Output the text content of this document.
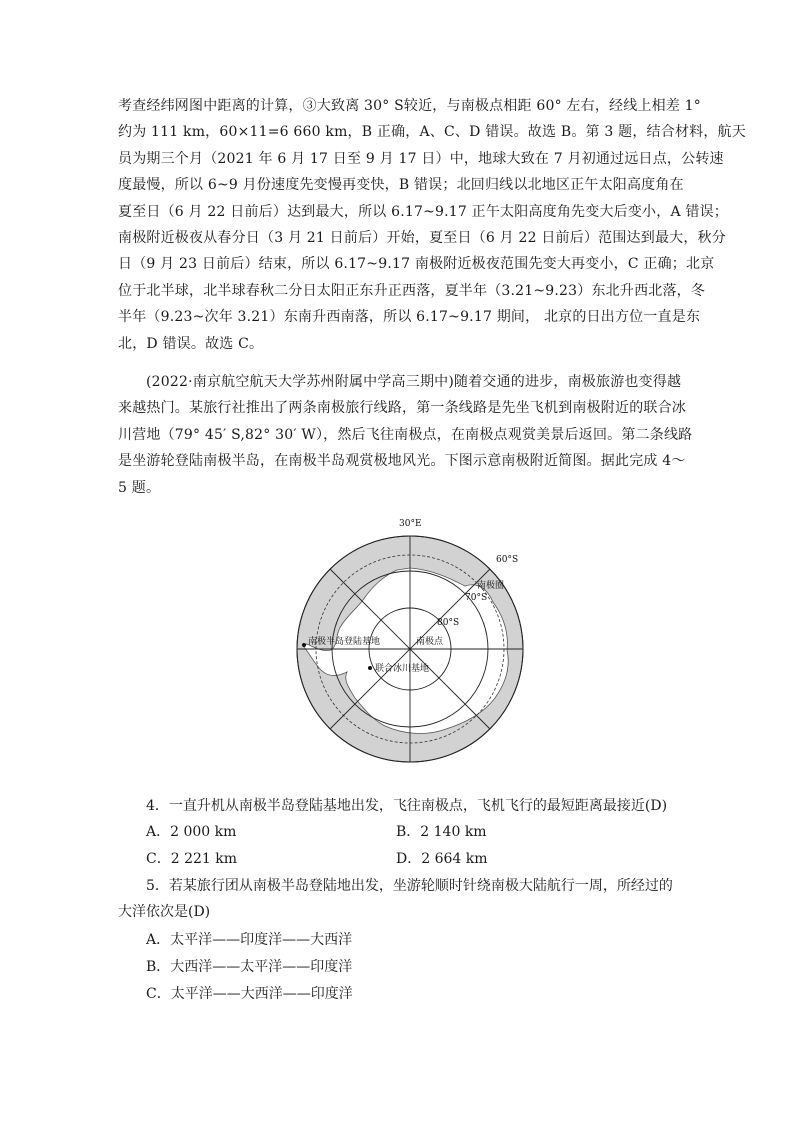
考查经纬网图中距离的计算，③大致离 30° S较近，与南极点相距 60° 左右，经线上相差 1°
约为 111 km，60×11=6 660 km，B 正确，A、C、D 错误。故选 B。第 3 题，结合材料，航天
员为期三个月（2021 年 6 月 17 日至 9 月 17 日）中，地球大致在 7 月初通过远日点，公转速
度最慢，所以 6~9 月份速度先变慢再变快，B 错误；北回归线以北地区正午太阳高度角在
夏至日（6 月 22 日前后）达到最大，所以 6.17~9.17 正午太阳高度角先变大后变小，A 错误；
南极附近极夜从春分日（3 月 21 日前后）开始，夏至日（6 月 22 日前后）范围达到最大，秋分
日（9 月 23 日前后）结束，所以 6.17~9.17 南极附近极夜范围先变大再变小，C 正确；北京
位于北半球，北半球春秋二分日太阳正东升正西落，夏半年（3.21~9.23）东北升西北落，冬
半年（9.23~次年 3.21）东南升西南落，所以 6.17~9.17 期间， 北京的日出方位一直是东
北，D 错误。故选 C。
(2022·南京航空航天大学苏州附属中学高三期中)随着交通的进步，南极旅游也变得越
来越热门。某旅行社推出了两条南极旅行线路，第一条线路是先坐飞机到南极附近的联合冰
川营地（79° 45′ S,82° 30′ W），然后飞往南极点，在南极点观赏美景后返回。第二条线路
是坐游轮登陆南极半岛，在南极半岛观赏极地风光。下图示意南极附近简图。据此完成 4～
5 题。
30°E
60°S
南极圈
70°S
80°S
南极点
南极半岛登陆基地
联合冰川基地
4．一直升机从南极半岛登陆基地出发，飞往南极点，飞机飞行的最短距离最接近(D)
A．2 000 km	B．2 140 km
C．2 221 km	D．2 664 km
5．若某旅行团从南极半岛登陆地出发，坐游轮顺时针绕南极大陆航行一周，所经过的
大洋依次是(D)
A．太平洋——印度洋——大西洋
B．大西洋——太平洋——印度洋
C．太平洋——大西洋——印度洋
